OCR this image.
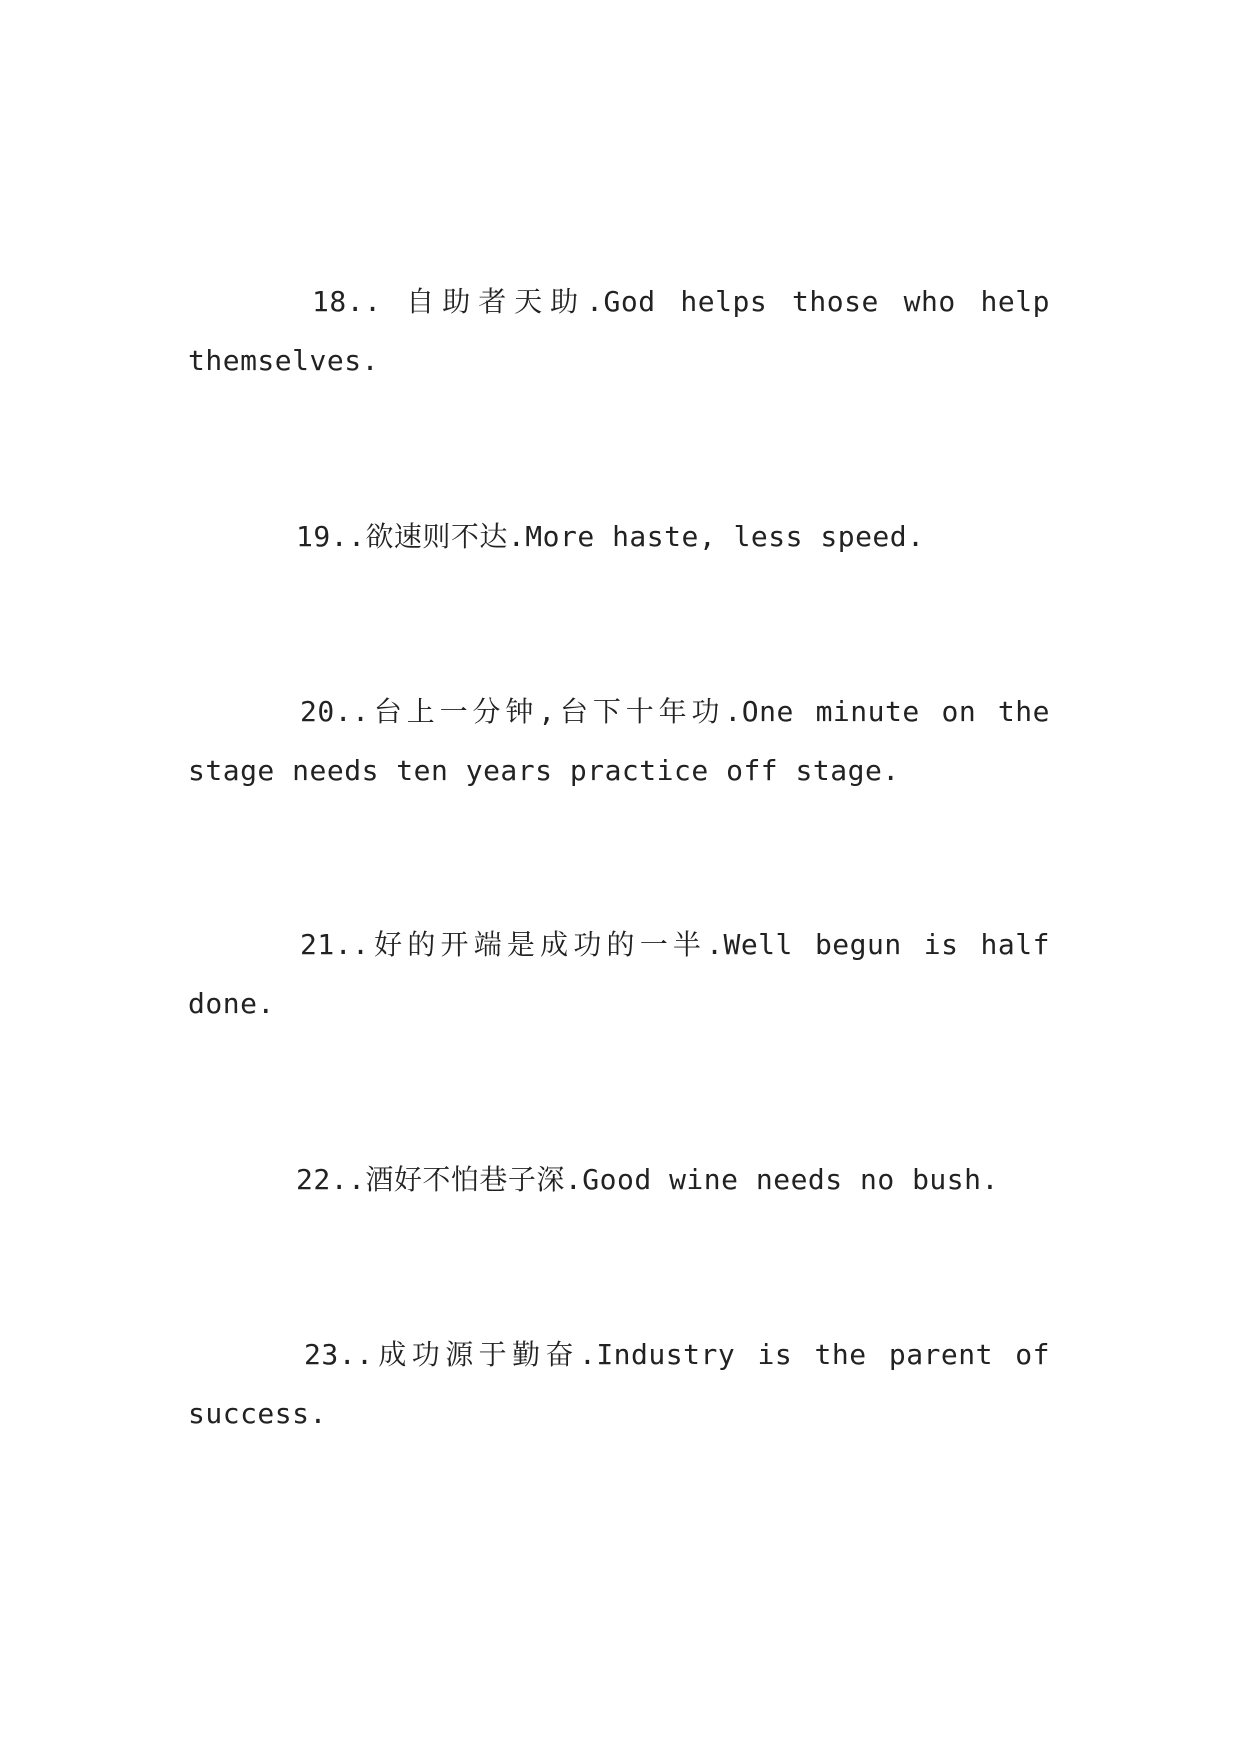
18.. 自助者天助.God helps those who help themselves.

19..欲速则不达.More haste, less speed.

20..台上一分钟,台下十年功.One minute on the stage needs ten years practice off stage.

21..好的开端是成功的一半.Well begun is half done.

22..酒好不怕巷子深.Good wine needs no bush.

23..成功源于勤奋.Industry is the parent of success.
